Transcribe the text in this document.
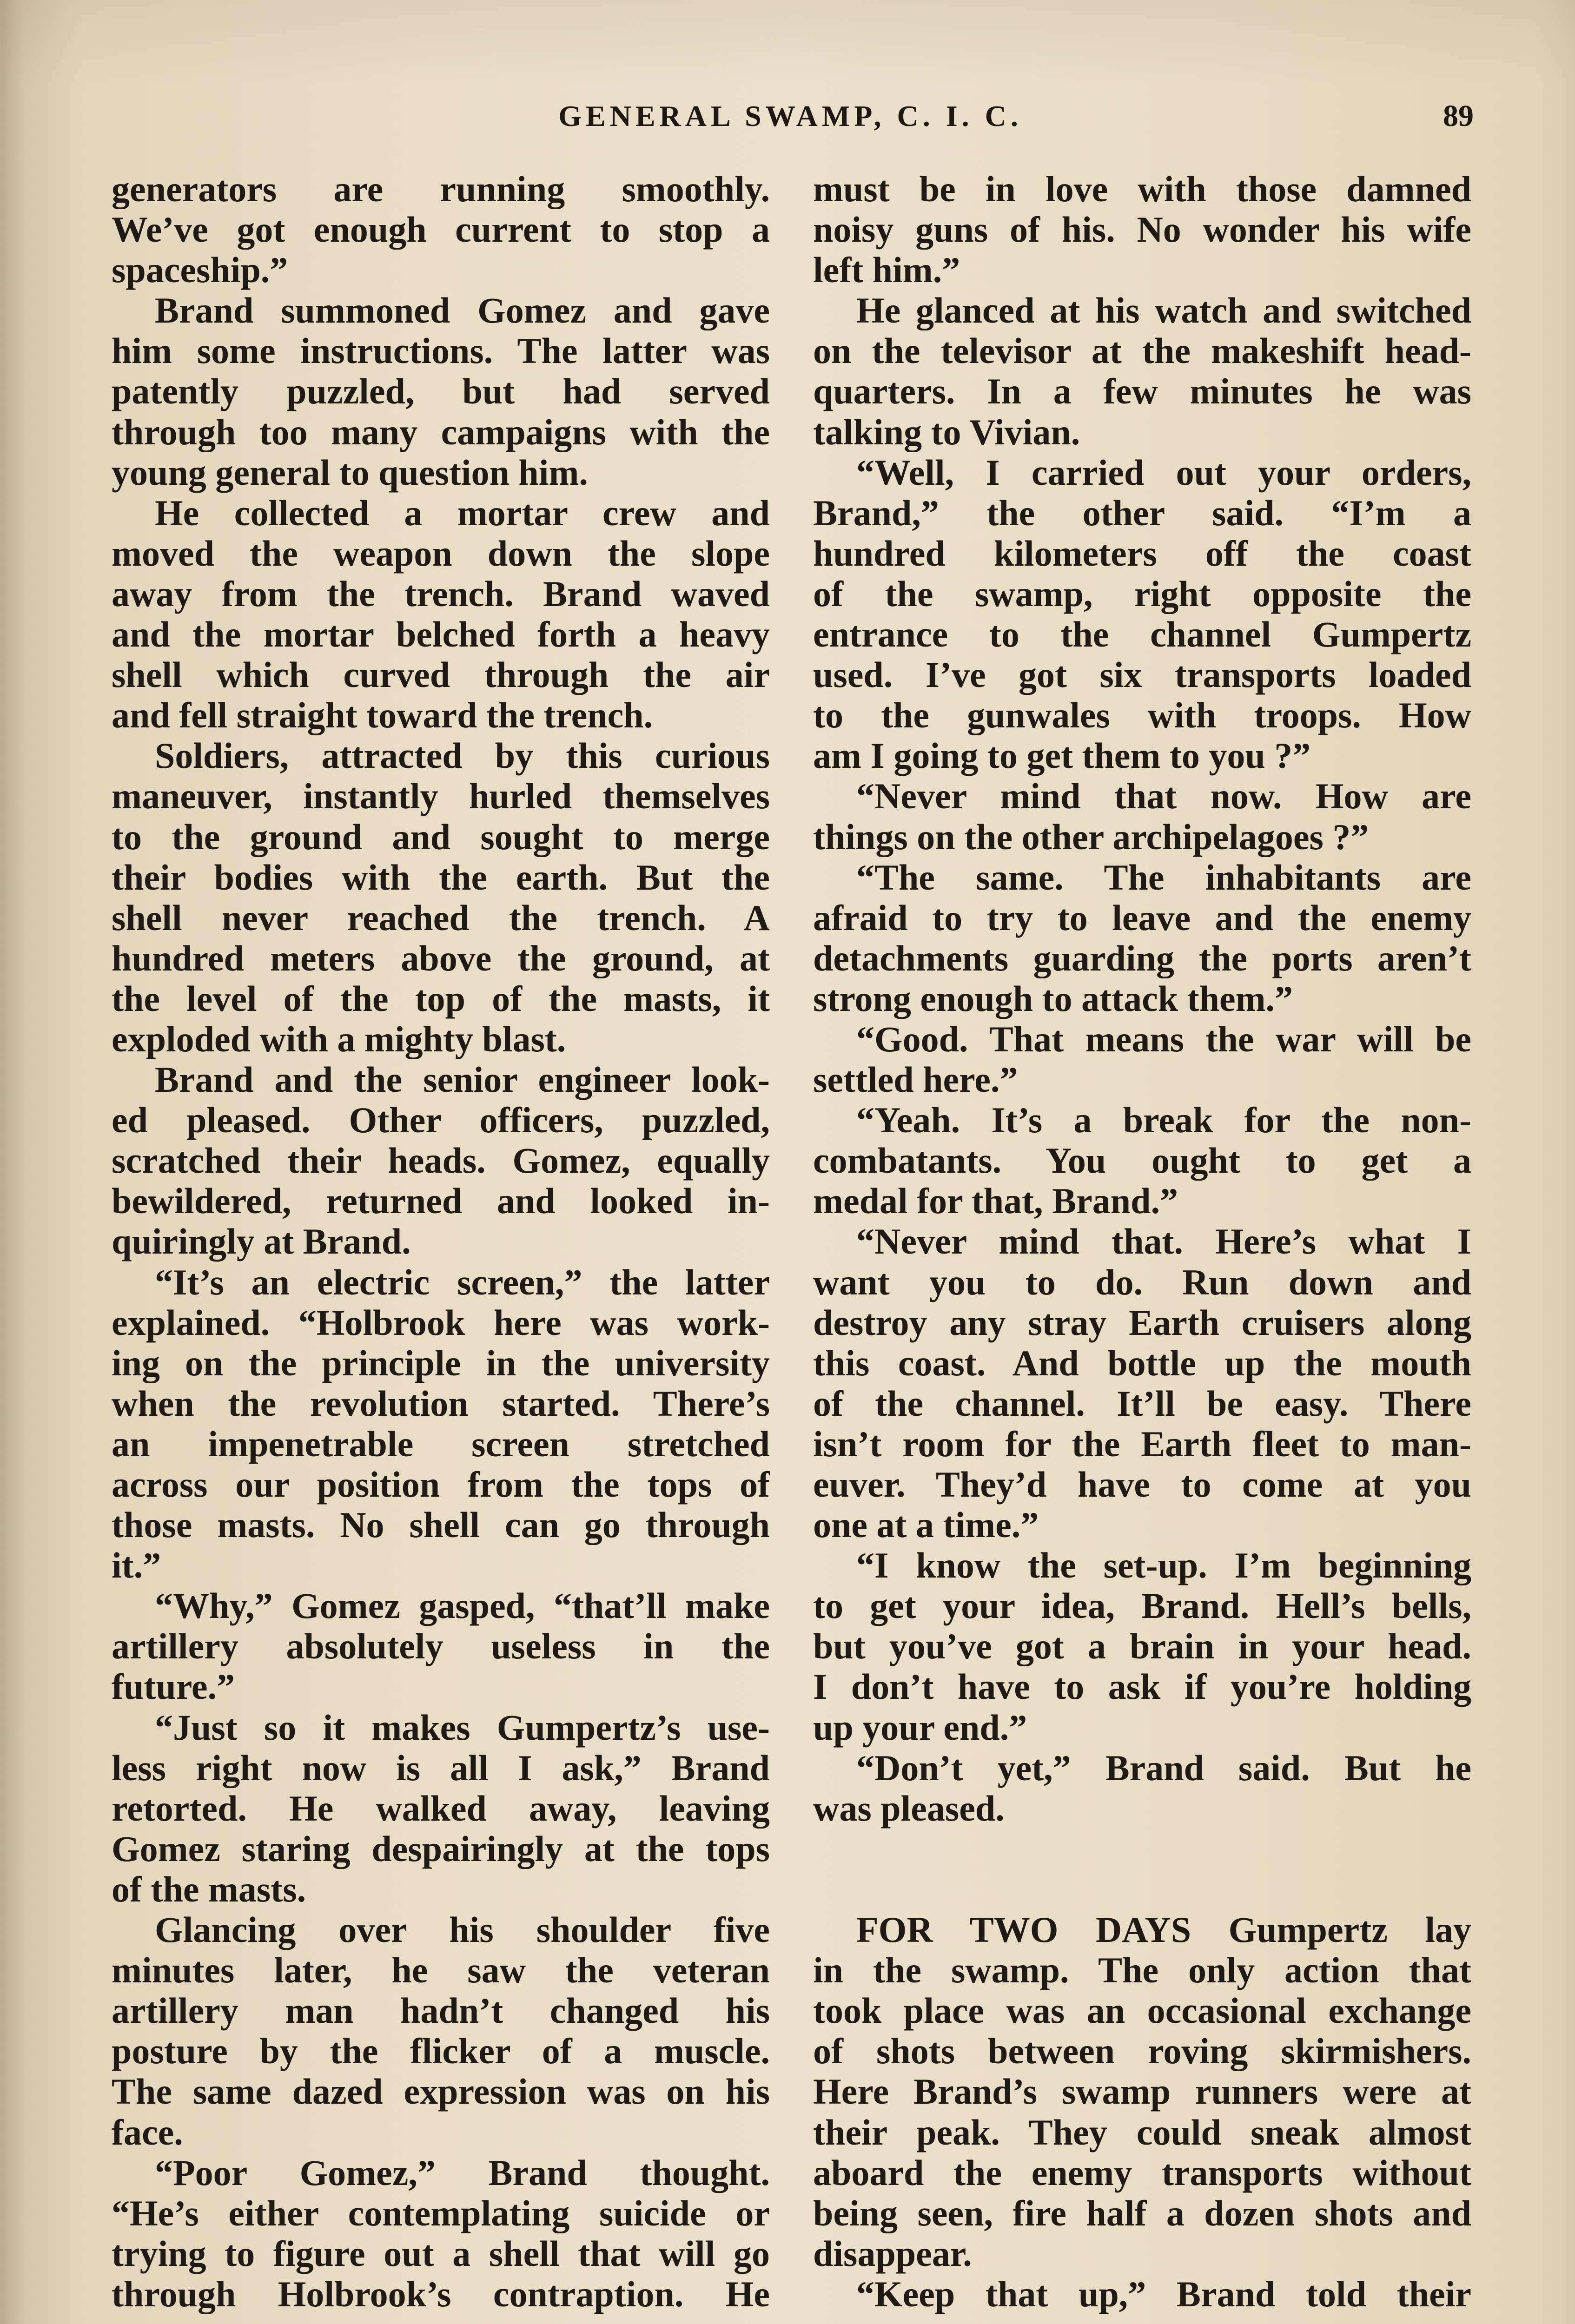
GENERAL SWAMP, C. I. C.	89
generators are running smoothly.
We’ve got enough current to stop a
spaceship.”
Brand summoned Gomez and gave
him some instructions. The latter was
patently puzzled, but had served
through too many campaigns with the
young general to question him.
He collected a mortar crew and
moved the weapon down the slope
away from the trench. Brand waved
and the mortar belched forth a heavy
shell which curved through the air
and fell straight toward the trench.
Soldiers, attracted by this curious
maneuver, instantly hurled themselves
to the ground and sought to merge
their bodies with the earth. But the
shell never reached the trench. A
hundred meters above the ground, at
the level of the top of the masts, it
exploded with a mighty blast.
Brand and the senior engineer look-
ed pleased. Other officers, puzzled,
scratched their heads. Gomez, equally
bewildered, returned and looked in-
quiringly at Brand.
“It’s an electric screen,” the latter
explained. “Holbrook here was work-
ing on the principle in the university
when the revolution started. There’s
an impenetrable screen stretched
across our position from the tops of
those masts. No shell can go through
it.”
“Why,” Gomez gasped, “that’ll make
artillery absolutely useless in the
future.”
“Just so it makes Gumpertz’s use-
less right now is all I ask,” Brand
retorted. He walked away, leaving
Gomez staring despairingly at the tops
of the masts.
Glancing over his shoulder five
minutes later, he saw the veteran
artillery man hadn’t changed his
posture by the flicker of a muscle.
The same dazed expression was on his
face.
“Poor Gomez,” Brand thought.
“He’s either contemplating suicide or
trying to figure out a shell that will go
through Holbrook’s contraption. He
must be in love with those damned
noisy guns of his. No wonder his wife
left him.”
He glanced at his watch and switched
on the televisor at the makeshift head-
quarters. In a few minutes he was
talking to Vivian.
“Well, I carried out your orders,
Brand,” the other said. “I’m a
hundred kilometers off the coast
of the swamp, right opposite the
entrance to the channel Gumpertz
used. I’ve got six transports loaded
to the gunwales with troops. How
am I going to get them to you ?”
“Never mind that now. How are
things on the other archipelagoes ?”
“The same. The inhabitants are
afraid to try to leave and the enemy
detachments guarding the ports aren’t
strong enough to attack them.”
“Good. That means the war will be
settled here.”
“Yeah. It’s a break for the non-
combatants. You ought to get a
medal for that, Brand.”
“Never mind that. Here’s what I
want you to do. Run down and
destroy any stray Earth cruisers along
this coast. And bottle up the mouth
of the channel. It’ll be easy. There
isn’t room for the Earth fleet to man-
euver. They’d have to come at you
one at a time.”
“I know the set-up. I’m beginning
to get your idea, Brand. Hell’s bells,
but you’ve got a brain in your head.
I don’t have to ask if you’re holding
up your end.”
“Don’t yet,” Brand said. But he
was pleased.
FOR TWO DAYS Gumpertz lay
in the swamp. The only action that
took place was an occasional exchange
of shots between roving skirmishers.
Here Brand’s swamp runners were at
their peak. They could sneak almost
aboard the enemy transports without
being seen, fire half a dozen shots and
disappear.
“Keep that up,” Brand told their
